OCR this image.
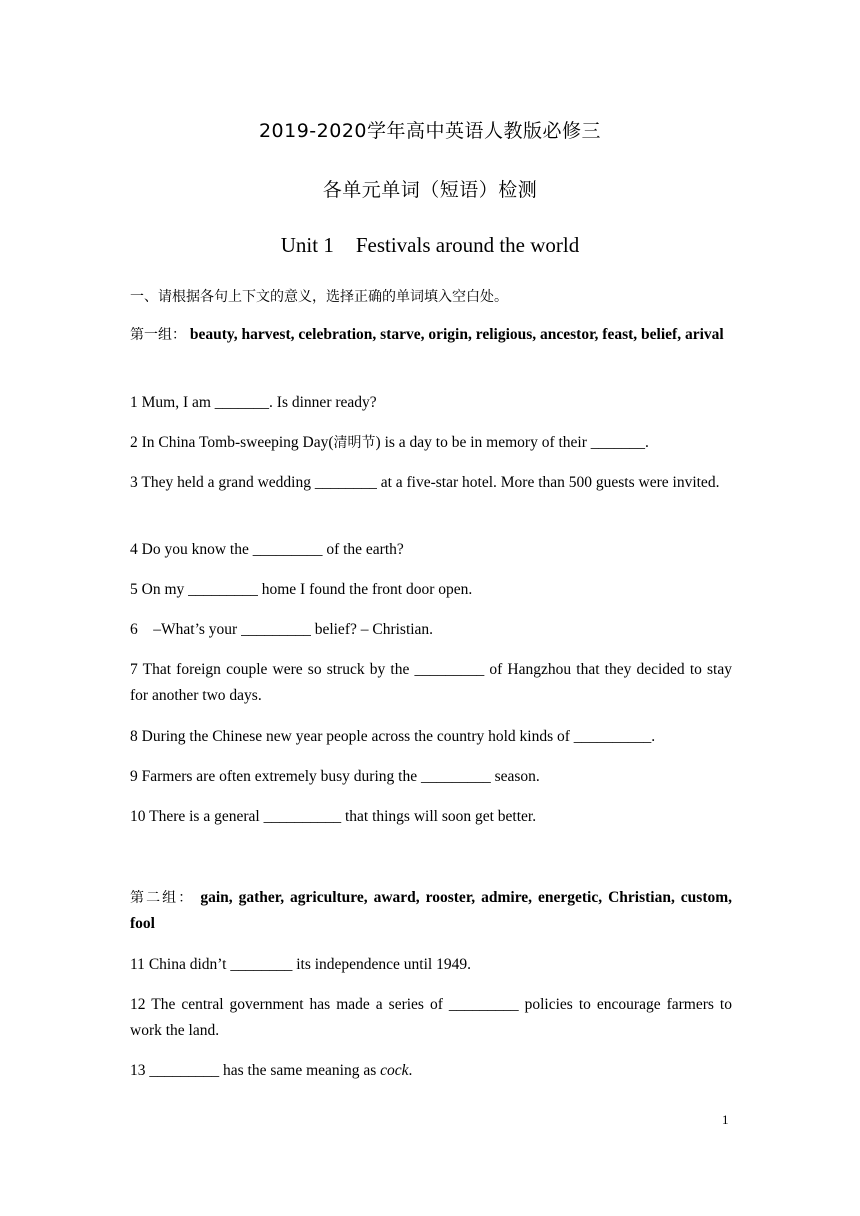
2019-2020学年高中英语人教版必修三
各单元单词（短语）检测
Unit 1 Festivals around the world
一、请根据各句上下文的意义，选择正确的单词填入空白处。
第一组： beauty, harvest, celebration, starve, origin, religious, ancestor, feast, belief, arival
1 Mum, I am _______. Is dinner ready?
2 In China Tomb-sweeping Day(清明节) is a day to be in memory of their _______.
3 They held a grand wedding ________ at a five-star hotel. More than 500 guests were invited.
4 Do you know the _________ of the earth?
5 On my _________ home I found the front door open.
6 –What’s your _________ belief? – Christian.
7 That foreign couple were so struck by the _________ of Hangzhou that they decided to stay for another two days.
8 During the Chinese new year people across the country hold kinds of __________.
9 Farmers are often extremely busy during the _________ season.
10 There is a general __________ that things will soon get better.
第二组： gain, gather, agriculture, award, rooster, admire, energetic, Christian, custom, fool
11 China didn’t ________ its independence until 1949.
12 The central government has made a series of _________ policies to encourage farmers to work the land.
13 _________ has the same meaning as cock.
1
